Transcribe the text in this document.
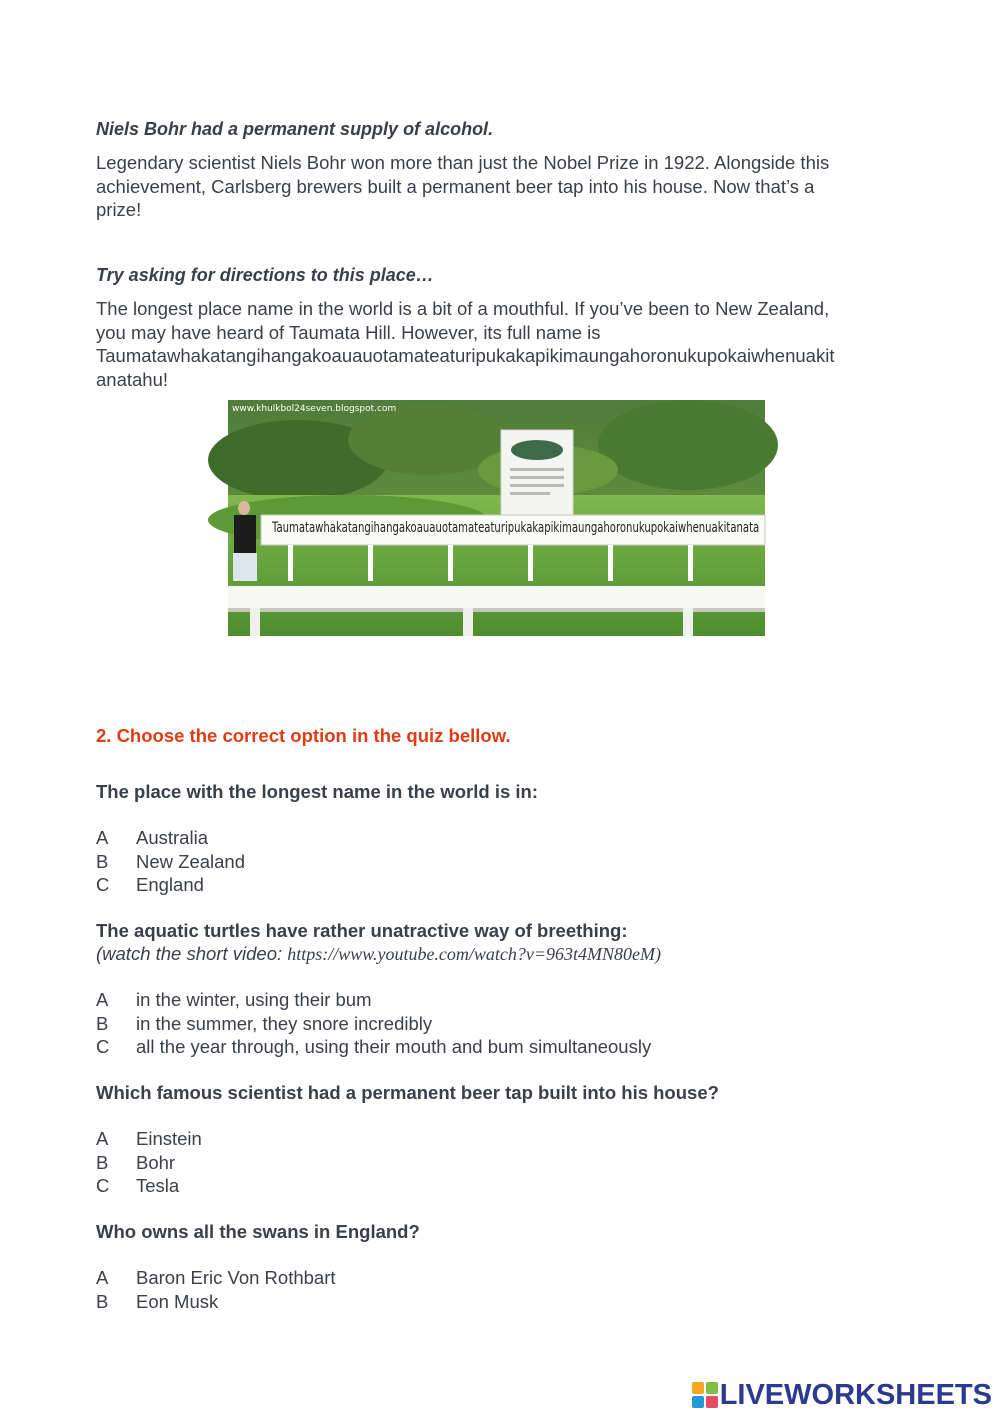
Niels Bohr had a permanent supply of alcohol.
Legendary scientist Niels Bohr won more than just the Nobel Prize in 1922. Alongside this
achievement, Carlsberg brewers built a permanent beer tap into his house. Now that’s a
prize!
Try asking for directions to this place…
The longest place name in the world is a bit of a mouthful. If you’ve been to New Zealand,
you may have heard of Taumata Hill. However, its full name is
Taumatawhakatangihangakoauauotamateaturipukakapikimaungahoronukupokaiwhenuakit
anatahu!
www.khulkbol24seven.blogspot.com
Taumatawhakatangihangakoauauotamateaturipukakapikimaungahoronukupokaiwhenuakitanata
2. Choose the correct option in the quiz bellow.
The place with the longest name in the world is in:
A Australia
B New Zealand
C England
The aquatic turtles have rather unatractive way of breething:
(watch the short video: https://www.youtube.com/watch?v=963t4MN80eM)
A in the winter, using their bum
B in the summer, they snore incredibly
C all the year through, using their mouth and bum simultaneously
Which famous scientist had a permanent beer tap built into his house?
A Einstein
B Bohr
C Tesla
Who owns all the swans in England?
A Baron Eric Von Rothbart
B Eon Musk
LIVEWORKSHEETS
